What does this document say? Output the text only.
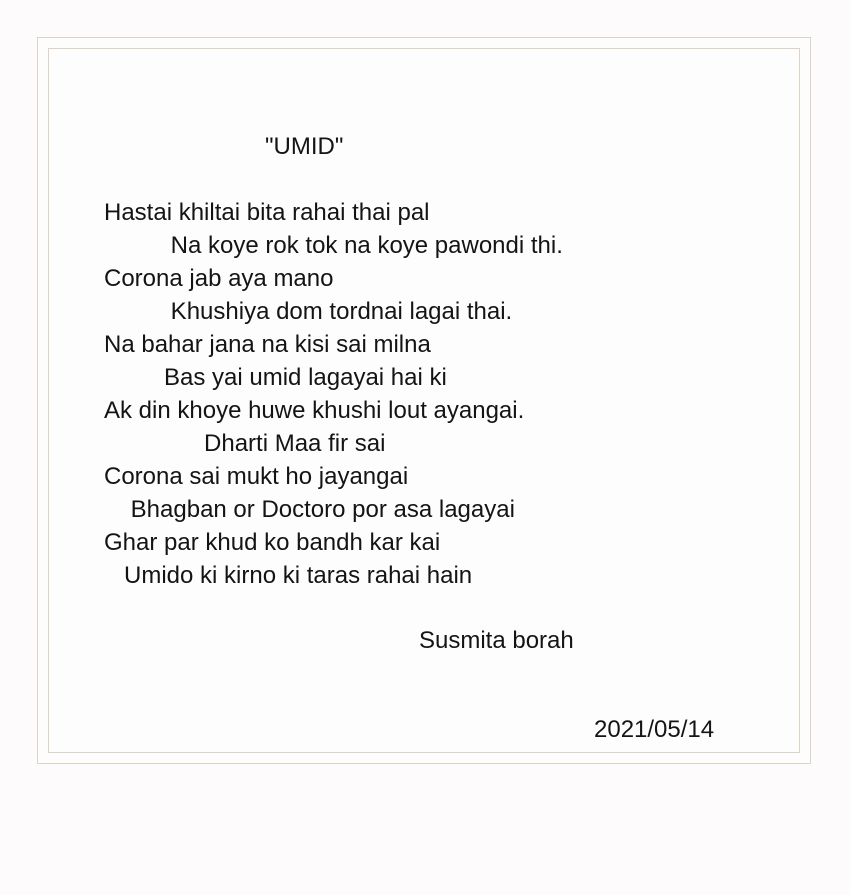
"UMID"
Hastai khiltai bita rahai thai pal
Na koye rok tok na koye pawondi thi.
Corona jab aya mano
Khushiya dom tordnai lagai thai.
Na bahar jana na kisi sai milna
Bas yai umid lagayai hai ki
Ak din khoye huwe khushi lout ayangai.
Dharti Maa fir sai
Corona sai mukt ho jayangai
Bhagban or Doctoro por asa lagayai
Ghar par khud ko bandh kar kai
Umido ki kirno ki taras rahai hain
Susmita borah
2021/05/14
